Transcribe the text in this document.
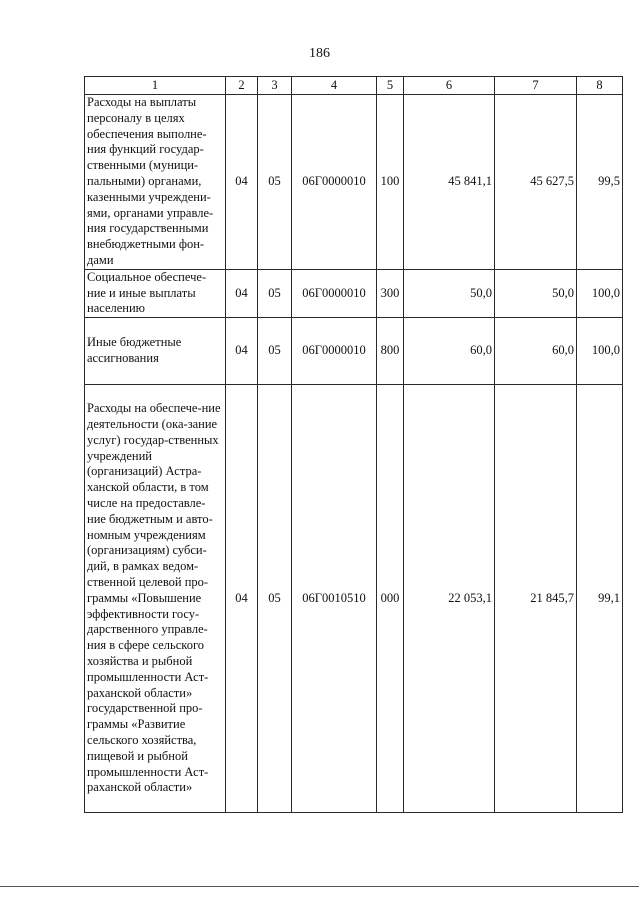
186
1	2	3	4	5	6	7	8
Расходы на выплаты персоналу в целях обеспечения выполне-ния функций государ-ственными (муници-пальными) органами, казенными учреждени-ями, органами управле-ния государственными внебюджетными фон-дами	04	05	06Г0000010	100	45 841,1	45 627,5	99,5
Социальное обеспече-ние и иные выплаты населению	04	05	06Г0000010	300	50,0	50,0	100,0
Иные бюджетные ассигнования	04	05	06Г0000010	800	60,0	60,0	100,0
Расходы на обеспече-ние деятельности (ока-зание услуг) государ-ственных учреждений (организаций) Астра-ханской области, в том числе на предоставле-ние бюджетным и авто-номным учреждениям (организациям) субси-дий, в рамках ведом-ственной целевой про-граммы «Повышение эффективности госу-дарственного управле-ния в сфере сельского хозяйства и рыбной промышленности Аст-раханской области» государственной про-граммы «Развитие сельского хозяйства, пищевой и рыбной промышленности Аст-раханской области»	04	05	06Г0010510	000	22 053,1	21 845,7	99,1
